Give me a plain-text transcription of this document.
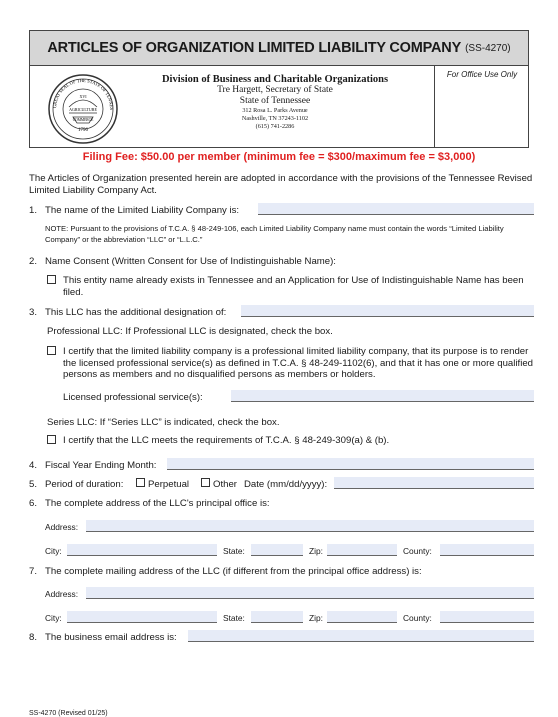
ARTICLES OF ORGANIZATION LIMITED LIABILITY COMPANY (SS-4270)
AGRICULTURE
COMMERCE
1796
XVI
GREAT SEAL OF THE STATE OF TENNES
Division of Business and Charitable Organizations
Tre Hargett, Secretary of State
State of Tennessee
312 Rosa L. Parks Avenue
Nashville, TN 37243-1102
(615) 741-2286
For Office Use Only
Filing Fee: $50.00 per member (minimum fee = $300/maximum fee = $3,000)
The Articles of Organization presented herein are adopted in accordance with the provisions of the Tennessee Revised Limited Liability Company Act.
1. The name of the Limited Liability Company is:
NOTE: Pursuant to the provisions of T.C.A. § 48-249-106, each Limited Liability Company name must contain the words “Limited Liability Company” or the abbreviation “LLC” or “L.L.C.”
2. Name Consent (Written Consent for Use of Indistinguishable Name):
This entity name already exists in Tennessee and an Application for Use of Indistinguishable Name has been filed.
3. This LLC has the additional designation of:
Professional LLC: If Professional LLC is designated, check the box.
I certify that the limited liability company is a professional limited liability company, that its purpose is to render the licensed professional service(s) as defined in T.C.A. § 48-249-1102(6), and that it has one or more qualified persons as members and no disqualified persons as members or holders.
Licensed professional service(s):
Series LLC: If “Series LLC” is indicated, check the box.
I certify that the LLC meets the requirements of T.C.A. § 48-249-309(a) & (b).
4. Fiscal Year Ending Month:
5. Period of duration:	Perpetual Other Date (mm/dd/yyyy):
6. The complete address of the LLC's principal office is:
Address:
City:	State:	Zip:	County:
7. The complete mailing address of the LLC (if different from the principal office address) is:
Address:
City:	State:	Zip:	County:
8. The business email address is:
SS-4270 (Revised 01/25)
